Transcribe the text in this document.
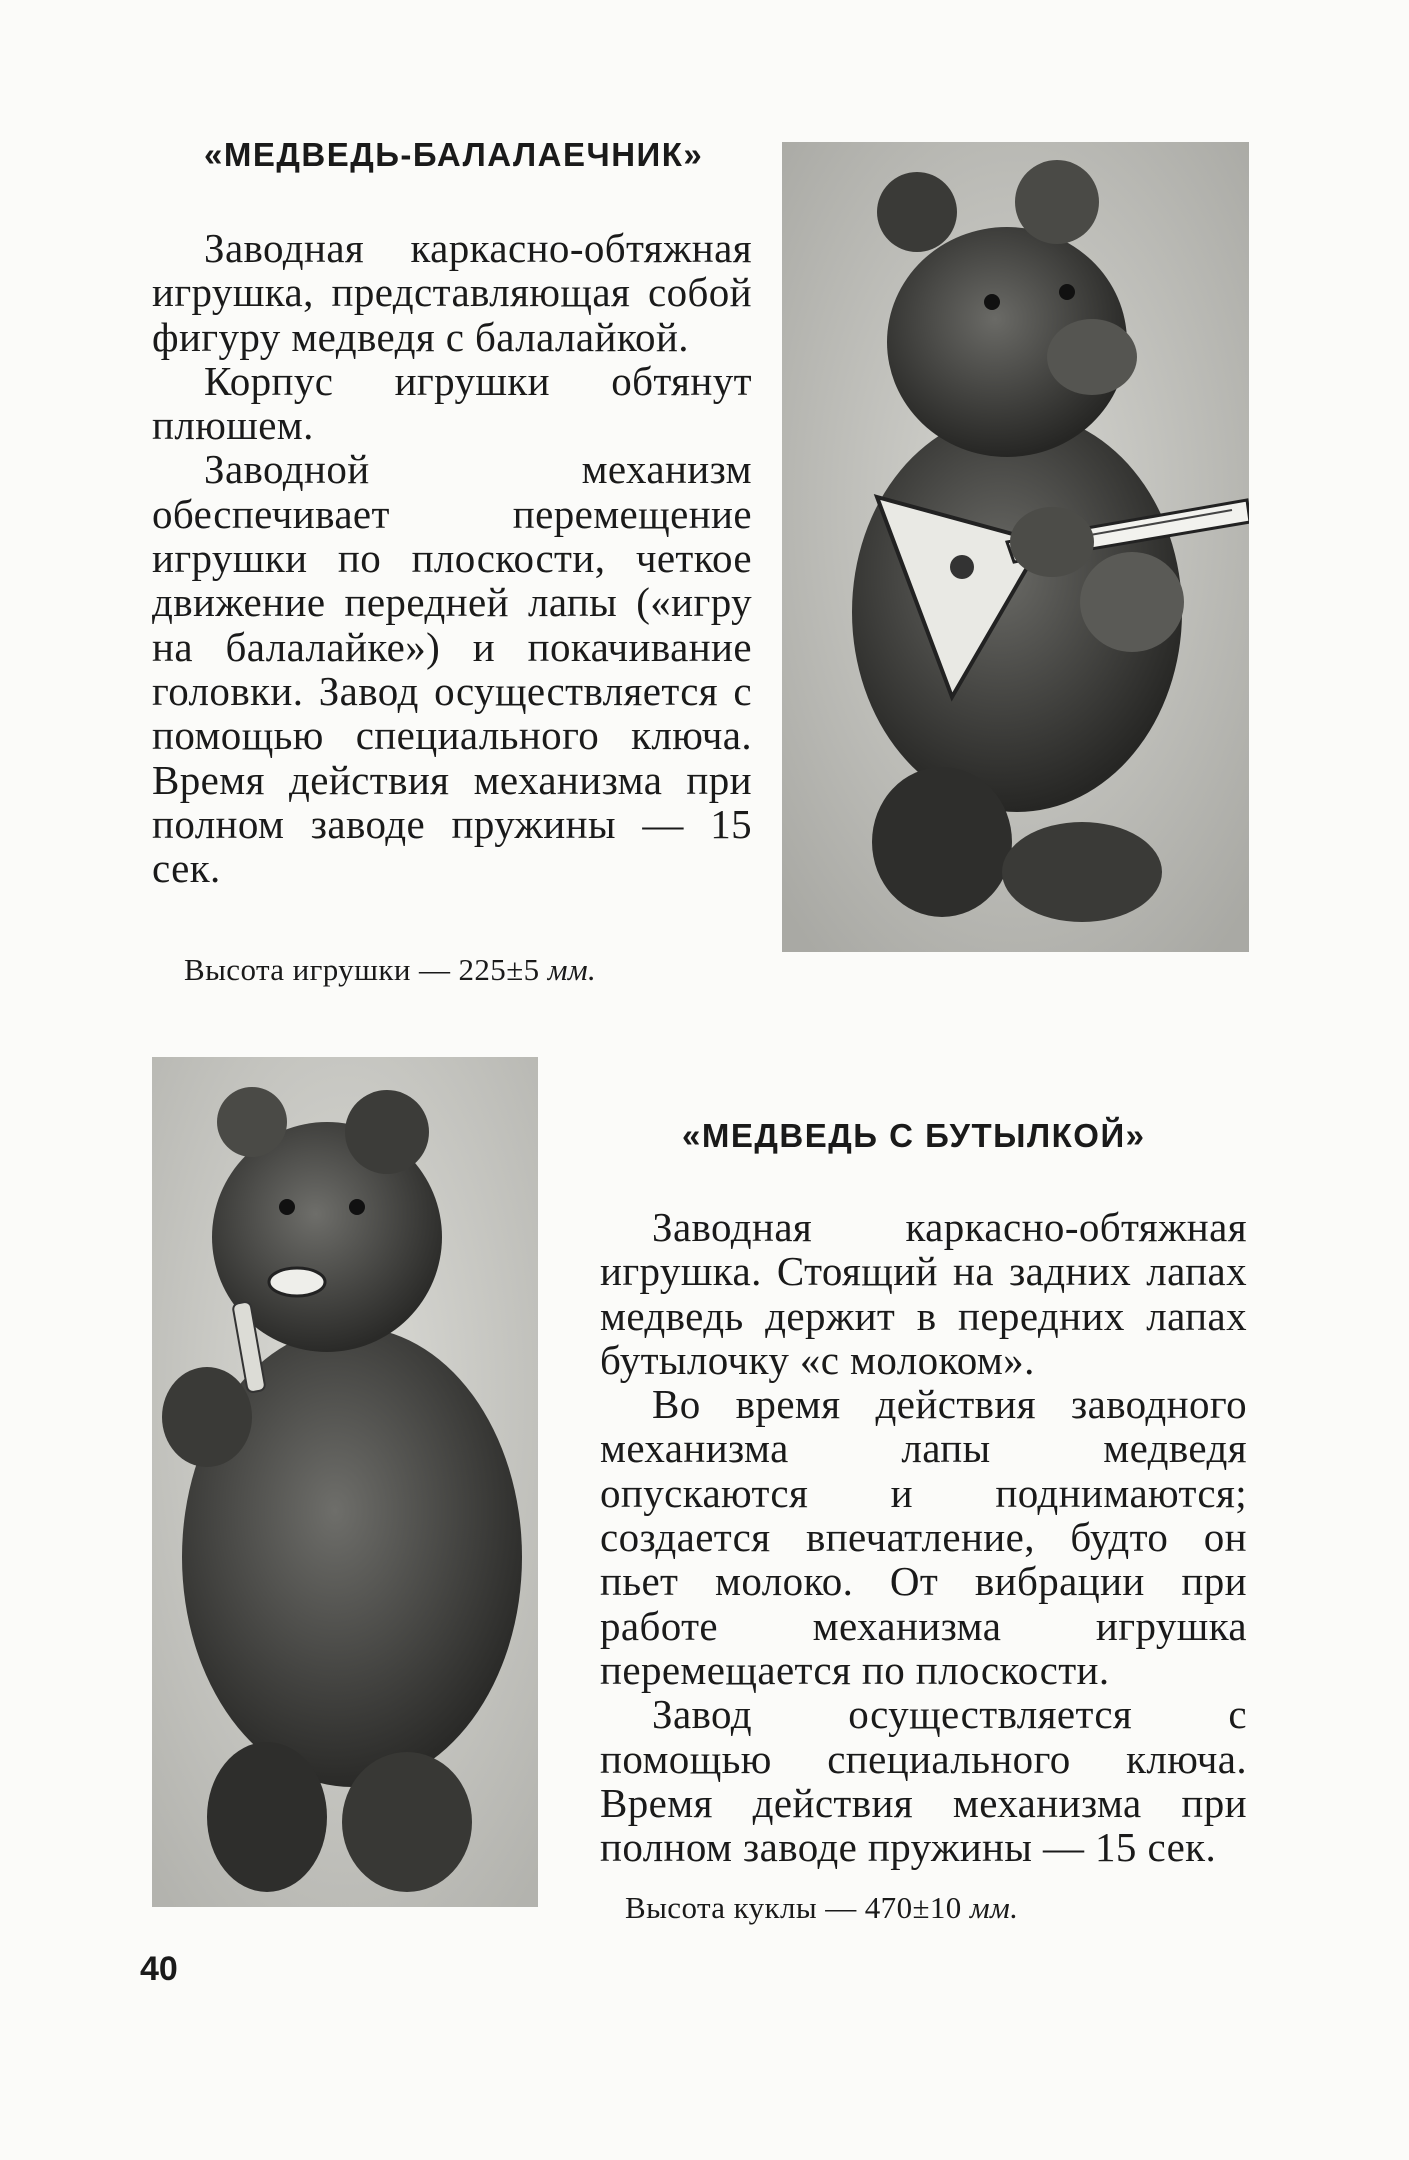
«МЕДВЕДЬ-БАЛАЛАЕЧНИК»

Заводная каркасно-обтяжная игрушка, представляющая собой фигуру медведя с балалайкой.

Корпус игрушки обтянут плюшем.

Заводной механизм обеспечивает перемещение игрушки по плоскости, четкое движение передней лапы («игру на балалайке») и покачивание головки. Завод осуществляется с помощью специального ключа. Время действия механизма при полном заводе пружины — 15 сек.

Высота игрушки — 225±5 мм.
«МЕДВЕДЬ С БУТЫЛКОЙ»

Заводная каркасно-обтяжная игрушка. Стоящий на задних лапах медведь держит в передних лапах бутылочку «с молоком».

Во время действия заводного механизма лапы медведя опускаются и поднимаются; создается впечатление, будто он пьет молоко. От вибрации при работе механизма игрушка перемещается по плоскости.

Завод осуществляется с помощью специального ключа. Время действия механизма при полном заводе пружины — 15 сек.

Высота куклы — 470±10 мм.
40
